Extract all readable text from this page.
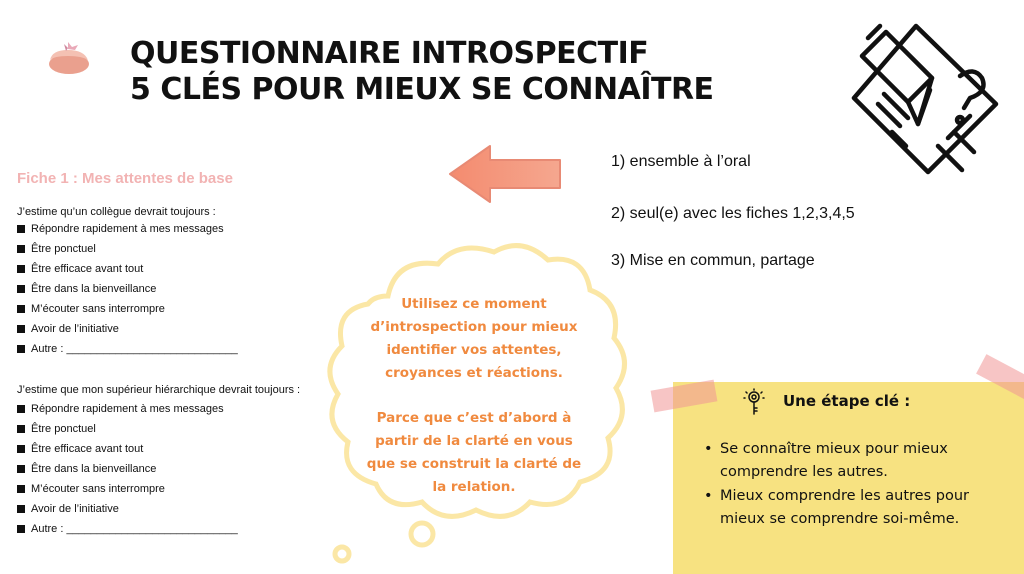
QUESTIONNAIRE INTROSPECTIF
5 CLÉS POUR MIEUX SE CONNAÎTRE
Fiche 1 : Mes attentes de base
J’estime qu’un collègue devrait toujours :
Répondre rapidement à mes messages
Être ponctuel
Être efficace avant tout
Être dans la bienveillance
M’écouter sans interrompre
Avoir de l’initiative
Autre : ____________________________
J’estime que mon supérieur hiérarchique devrait toujours :
Répondre rapidement à mes messages
Être ponctuel
Être efficace avant tout
Être dans la bienveillance
M’écouter sans interrompre
Avoir de l’initiative
Autre : ____________________________
1) ensemble à l’oral
2) seul(e) avec les fiches 1,2,3,4,5
3) Mise en commun, partage

Utilisez ce moment d’introspection pour mieux identifier vos attentes, croyances et réactions.

Parce que c’est d’abord à partir de la clarté en vous que se construit la clarté de la relation.

Une étape clé :
• Se connaître mieux pour mieux comprendre les autres.
• Mieux comprendre les autres pour mieux se comprendre soi-même.
